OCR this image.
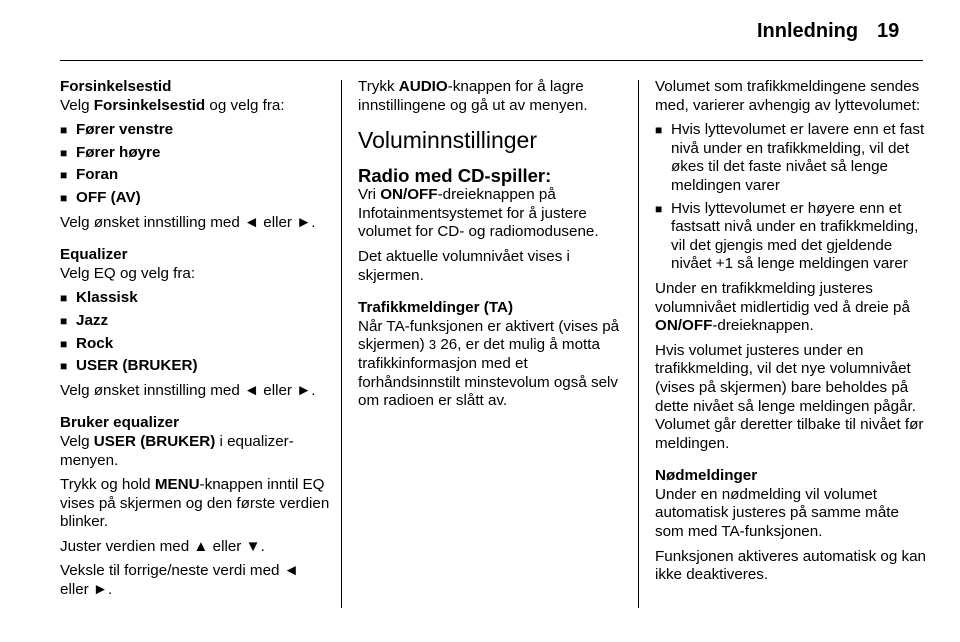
Innledning 19

Forsinkelsestid

Velg Forsinkelsestid og velg fra:

■ Fører venstre
■ Fører høyre
■ Foran
■ OFF (AV)

Velg ønsket innstilling med ◄ eller ►.

Equalizer

Velg EQ og velg fra:

■ Klassisk
■ Jazz
■ Rock
■ USER (BRUKER)

Velg ønsket innstilling med ◄ eller ►.

Bruker equalizer

Velg USER (BRUKER) i equalizer-menyen.

Trykk og hold MENU-knappen inntil EQ vises på skjermen og den første verdien blinker.

Juster verdien med ▲ eller ▼.

Veksle til forrige/neste verdi med ◄ eller ►.

Trykk AUDIO-knappen for å lagre innstillingene og gå ut av menyen.

Voluminnstillinger
Radio med CD-spiller:

Vri ON/OFF-dreieknappen på Infotainmentsystemet for å justere volumet for CD- og radiomodusene.

Det aktuelle volumnivået vises i skjermen.

Trafikkmeldinger (TA)

Når TA-funksjonen er aktivert (vises på skjermen) 3 26, er det mulig å motta trafikkinformasjon med et forhåndsinnstilt minstevolum også selv om radioen er slått av.

Volumet som trafikkmeldingene sendes med, varierer avhengig av lyttevolumet:

■ Hvis lyttevolumet er lavere enn et fast nivå under en trafikkmelding, vil det økes til det faste nivået så lenge meldingen varer
■ Hvis lyttevolumet er høyere enn et fastsatt nivå under en trafikkmelding, vil det gjengis med det gjeldende nivået +1 så lenge meldingen varer

Under en trafikkmelding justeres volumnivået midlertidig ved å dreie på ON/OFF-dreieknappen.

Hvis volumet justeres under en trafikkmelding, vil det nye volumnivået (vises på skjermen) bare beholdes på dette nivået så lenge meldingen pågår. Volumet går deretter tilbake til nivået før meldingen.

Nødmeldinger

Under en nødmelding vil volumet automatisk justeres på samme måte som med TA-funksjonen.

Funksjonen aktiveres automatisk og kan ikke deaktiveres.
